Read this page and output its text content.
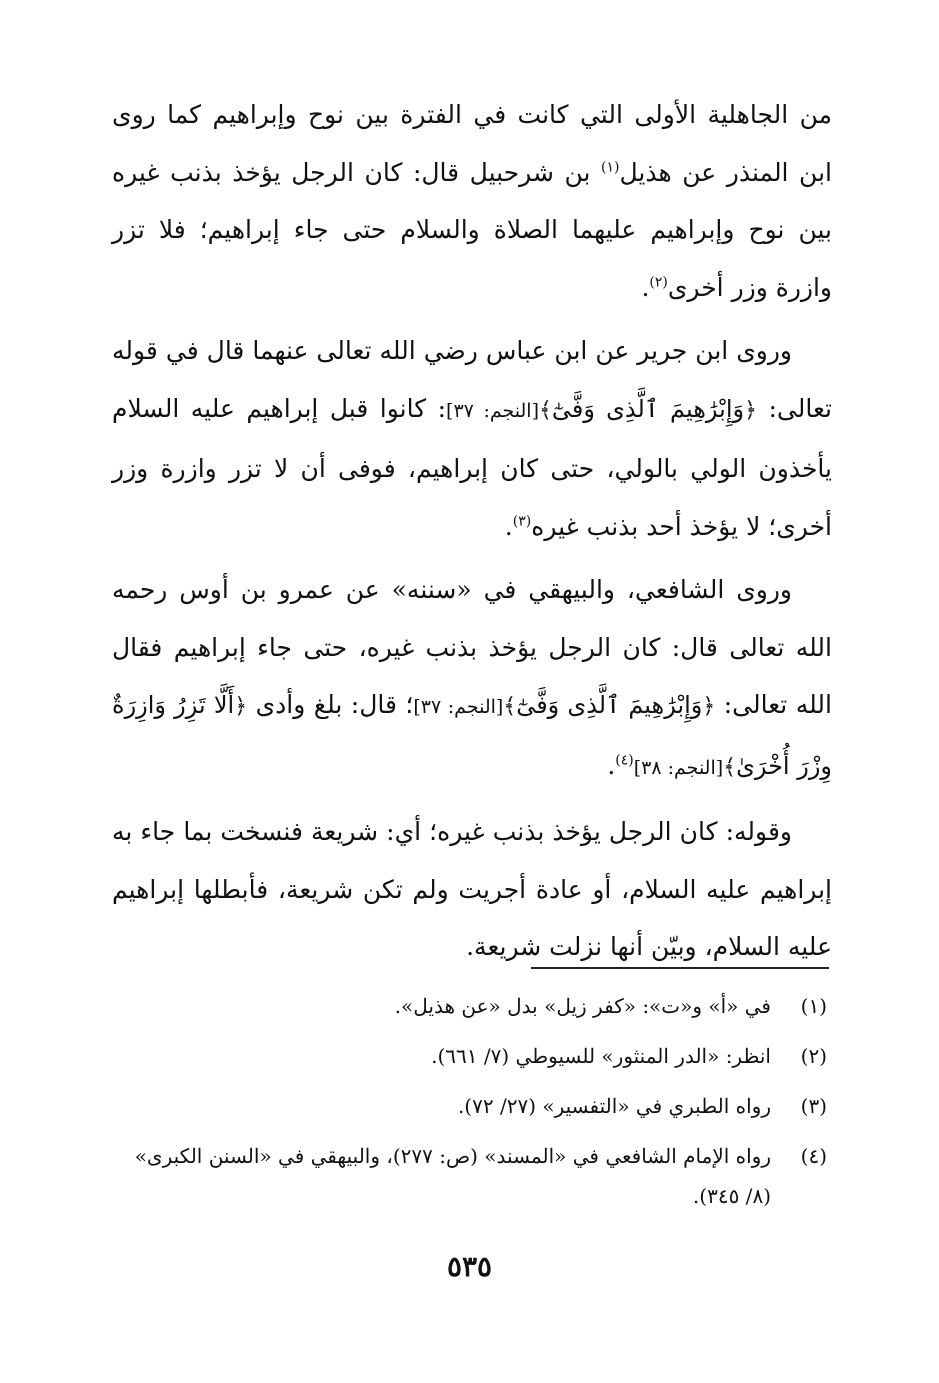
من الجاهلية الأولى التي كانت في الفترة بين نوح وإبراهيم كما روى ابن المنذر عن هذيل$^{(١)}$ بن شرحبيل قال: كان الرجل يؤخذ بذنب غيره بين نوح وإبراهيم عليهما الصلاة والسلام حتى جاء إبراهيم؛ فلا تزر وازرة وزر أخرى$^{(٢)}$.

وروى ابن جرير عن ابن عباس رضي الله تعالى عنهما قال في قوله تعالى: ﴿وَإِبْرَٰهِيمَ ٱلَّذِى وَفَّىٰٓ﴾[النجم: ٣٧]: كانوا قبل إبراهيم عليه السلام يأخذون الولي بالولي، حتى كان إبراهيم، فوفى أن لا تزر وازرة وزر أخرى؛ لا يؤخذ أحد بذنب غيره$^{(٣)}$.

وروى الشافعي، والبيهقي في «سننه» عن عمرو بن أوس رحمه الله تعالى قال: كان الرجل يؤخذ بذنب غيره، حتى جاء إبراهيم فقال الله تعالى: ﴿وَإِبْرَٰهِيمَ ٱلَّذِى وَفَّىٰٓ﴾[النجم: ٣٧]؛ قال: بلغ وأدى ﴿أَلَّا تَزِرُ وَازِرَةٌ وِزْرَ أُخْرَىٰ﴾[النجم: ٣٨]$^{(٤)}$.

وقوله: كان الرجل يؤخذ بذنب غيره؛ أي: شريعة فنسخت بما جاء به إبراهيم عليه السلام، أو عادة أجريت ولم تكن شريعة، فأبطلها إبراهيم عليه السلام، وبيّن أنها نزلت شريعة.

(١)
في «أ» و«ت»: «كفر زيل» بدل «عن هذيل».
(٢)
انظر: «الدر المنثور» للسيوطي (٧/ ٦٦١).
(٣)
رواه الطبري في «التفسير» (٢٧/ ٧٢).
(٤)
رواه الإمام الشافعي في «المسند» (ص: ٢٧٧)، والبيهقي في «السنن الكبرى» (٨/ ٣٤٥).
٥٣٥
